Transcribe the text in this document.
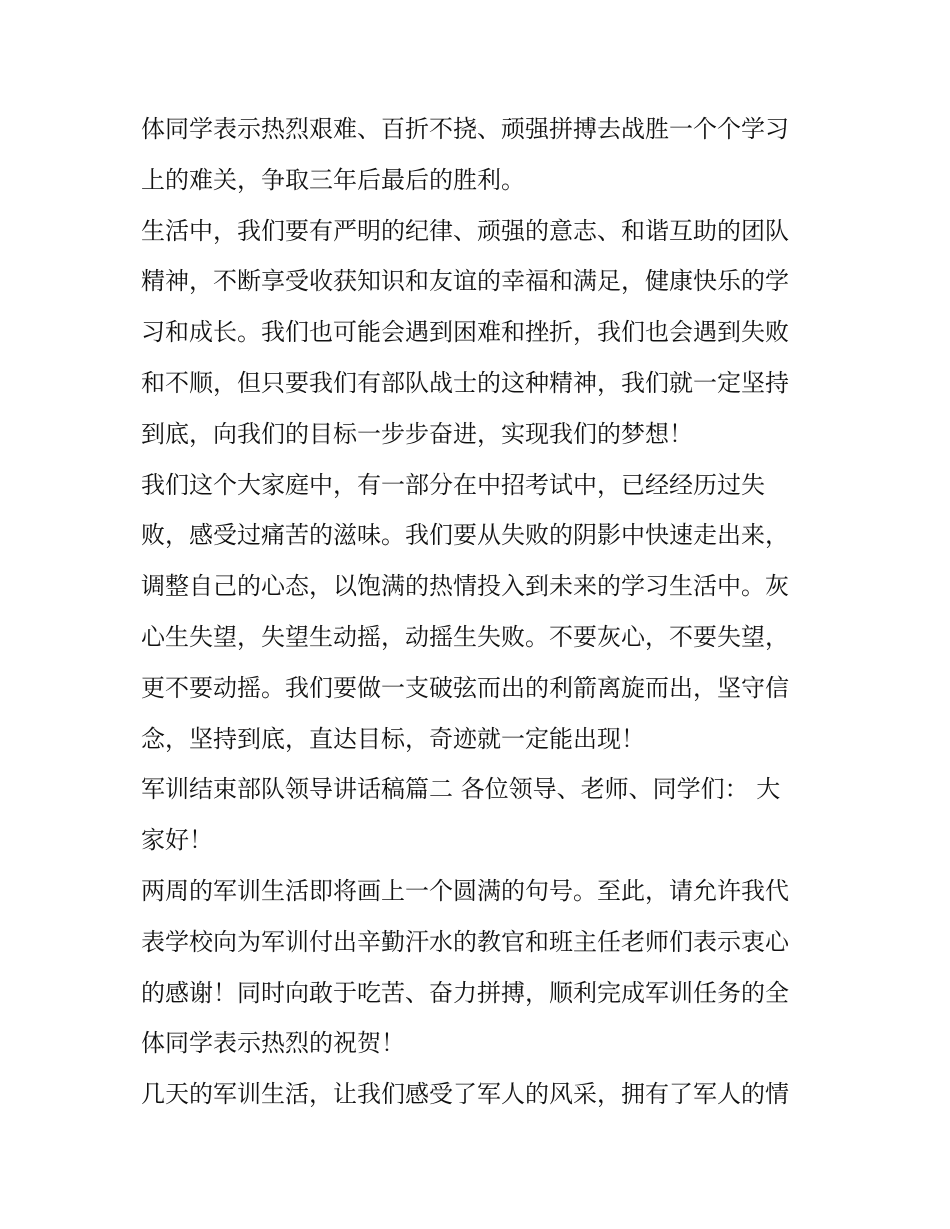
体同学表示热烈艰难、百折不挠、顽强拼搏去战胜一个个学习
上的难关，争取三年后最后的胜利。
生活中，我们要有严明的纪律、顽强的意志、和谐互助的团队
精神，不断享受收获知识和友谊的幸福和满足，健康快乐的学
习和成长。我们也可能会遇到困难和挫折，我们也会遇到失败
和不顺，但只要我们有部队战士的这种精神，我们就一定坚持
到底，向我们的目标一步步奋进，实现我们的梦想！
我们这个大家庭中，有一部分在中招考试中，已经经历过失
败，感受过痛苦的滋味。我们要从失败的阴影中快速走出来，
调整自己的心态，以饱满的热情投入到未来的学习生活中。灰
心生失望，失望生动摇，动摇生失败。不要灰心，不要失望，
更不要动摇。我们要做一支破弦而出的利箭离旋而出，坚守信
念，坚持到底，直达目标，奇迹就一定能出现！
军训结束部队领导讲话稿篇二 各位领导、老师、同学们： 大
家好！
两周的军训生活即将画上一个圆满的句号。至此，请允许我代
表学校向为军训付出辛勤汗水的教官和班主任老师们表示衷心
的感谢！同时向敢于吃苦、奋力拼搏，顺利完成军训任务的全
体同学表示热烈的祝贺！
几天的军训生活，让我们感受了军人的风采，拥有了军人的情
